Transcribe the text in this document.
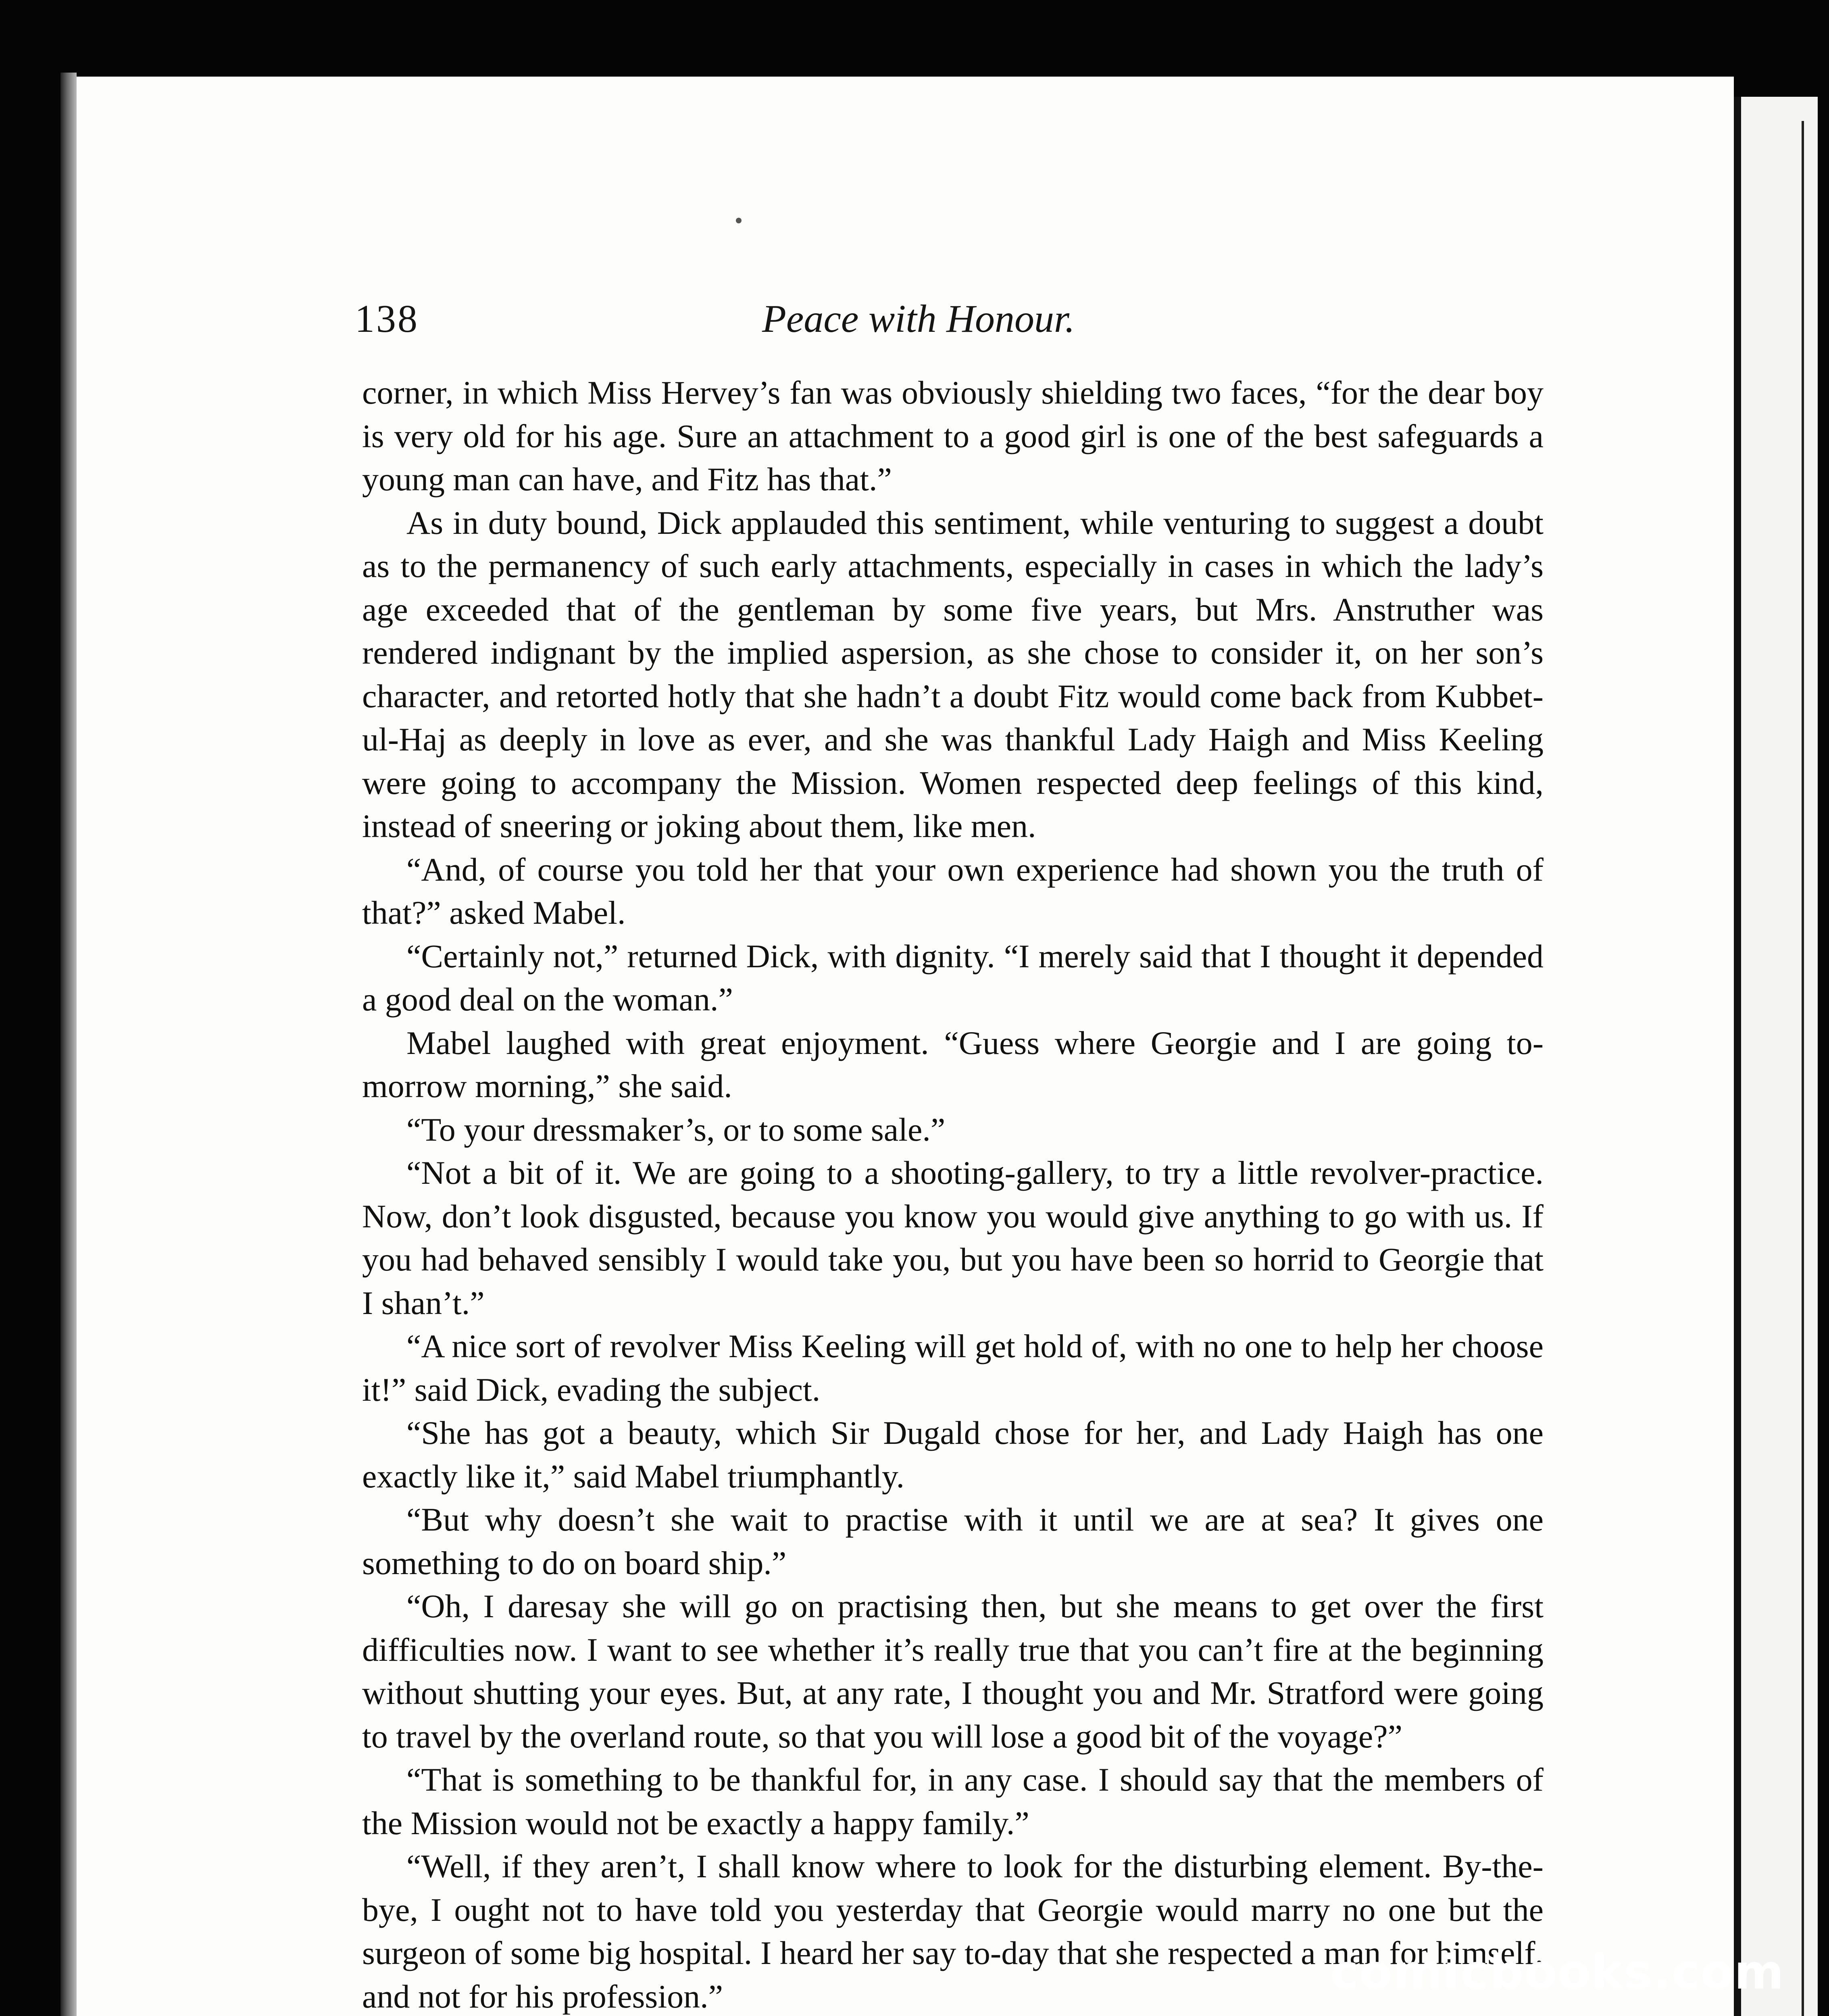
138	Peace with Honour.

corner, in which Miss Hervey’s fan was obviously shielding two faces, “for the dear boy is very old for his age. Sure an attachment to a good girl is one of the best safeguards a young man can have, and Fitz has that.”

As in duty bound, Dick applauded this sentiment, while venturing to suggest a doubt as to the permanency of such early attachments, especially in cases in which the lady’s age exceeded that of the gentleman by some five years, but Mrs. Anstruther was rendered indignant by the implied aspersion, as she chose to consider it, on her son’s character, and retorted hotly that she hadn’t a doubt Fitz would come back from Kubbet-ul-Haj as deeply in love as ever, and she was thankful Lady Haigh and Miss Keeling were going to accompany the Mission. Women respected deep feelings of this kind, instead of sneering or joking about them, like men.

“And, of course you told her that your own experience had shown you the truth of that?” asked Mabel.

“Certainly not,” returned Dick, with dignity. “I merely said that I thought it depended a good deal on the woman.”

Mabel laughed with great enjoyment. “Guess where Georgie and I are going to-morrow morning,” she said.

“To your dressmaker’s, or to some sale.”

“Not a bit of it. We are going to a shooting-gallery, to try a little revolver-practice. Now, don’t look disgusted, because you know you would give anything to go with us. If you had behaved sensibly I would take you, but you have been so horrid to Georgie that I shan’t.”

“A nice sort of revolver Miss Keeling will get hold of, with no one to help her choose it!” said Dick, evading the subject.

“She has got a beauty, which Sir Dugald chose for her, and Lady Haigh has one exactly like it,” said Mabel triumphantly.

“But why doesn’t she wait to practise with it until we are at sea? It gives one something to do on board ship.”

“Oh, I daresay she will go on practising then, but she means to get over the first difficulties now. I want to see whether it’s really true that you can’t fire at the beginning without shutting your eyes. But, at any rate, I thought you and Mr. Stratford were going to travel by the overland route, so that you will lose a good bit of the voyage?”

“That is something to be thankful for, in any case. I should say that the members of the Mission would not be exactly a happy family.”

“Well, if they aren’t, I shall know where to look for the disturbing element. By-the-bye, I ought not to have told you yesterday that Georgie would marry no one but the surgeon of some big hospital. I heard her say to-day that she respected a man for himself, and not for his profession.”	comicbooks.com
